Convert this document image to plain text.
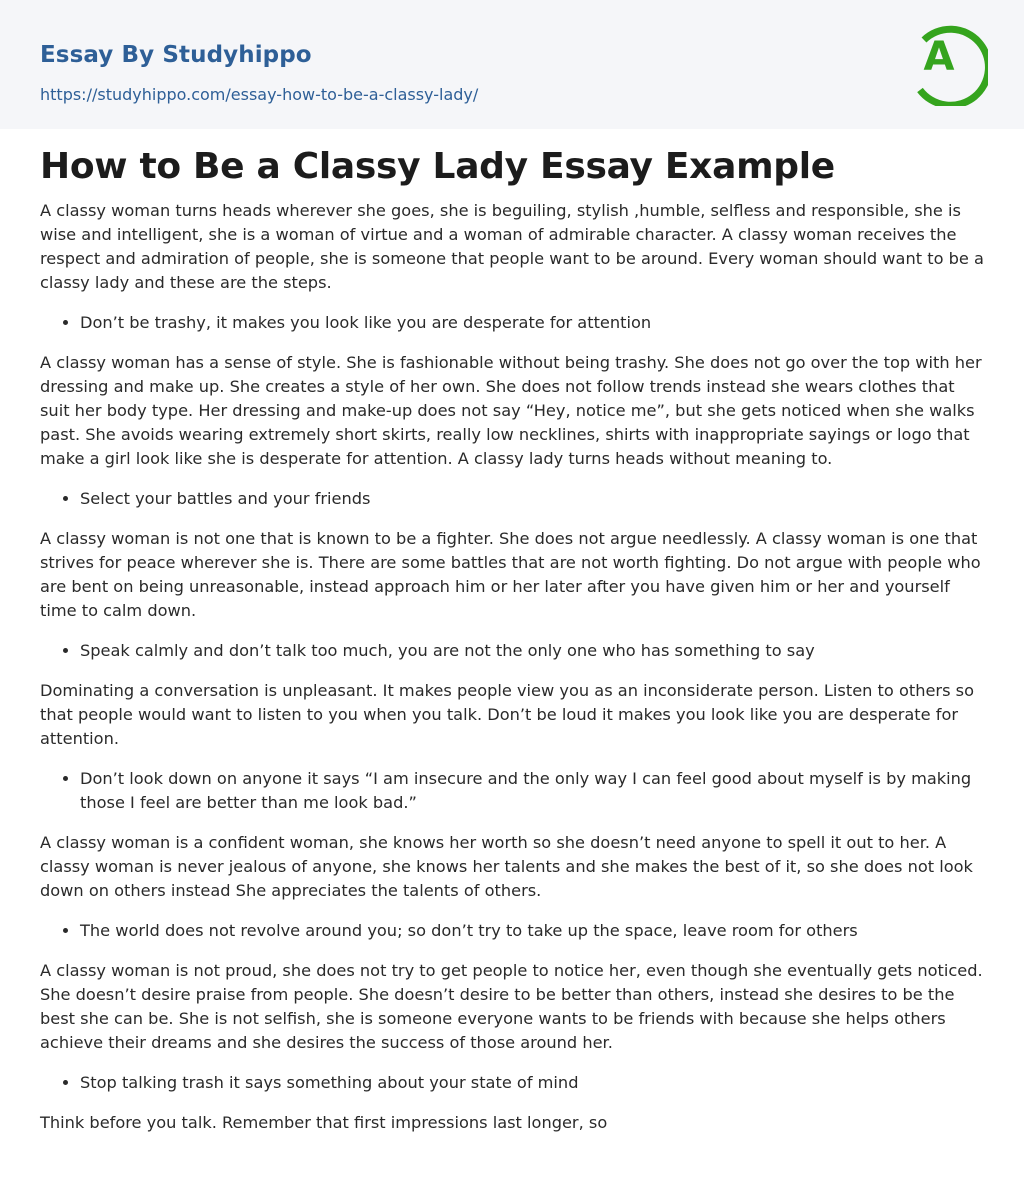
Essay By Studyhippo
https://studyhippo.com/essay-how-to-be-a-classy-lady/
A
How to Be a Classy Lady Essay Example

A classy woman turns heads wherever she goes, she is beguiling, stylish ,humble, selfless and responsible, she is wise and intelligent, she is a woman of virtue and a woman of admirable character. A classy woman receives the respect and admiration of people, she is someone that people want to be around. Every woman should want to be a classy lady and these are the steps.

• Don’t be trashy, it makes you look like you are desperate for attention

A classy woman has a sense of style. She is fashionable without being trashy. She does not go over the top with her dressing and make up. She creates a style of her own. She does not follow trends instead she wears clothes that suit her body type. Her dressing and make-up does not say “Hey, notice me”, but she gets noticed when she walks past. She avoids wearing extremely short skirts, really low necklines, shirts with inappropriate sayings or logo that make a girl look like she is desperate for attention. A classy lady turns heads without meaning to.

• Select your battles and your friends

A classy woman is not one that is known to be a fighter. She does not argue needlessly. A classy woman is one that strives for peace wherever she is. There are some battles that are not worth fighting. Do not argue with people who are bent on being unreasonable, instead approach him or her later after you have given him or her and yourself time to calm down.

• Speak calmly and don’t talk too much, you are not the only one who has something to say

Dominating a conversation is unpleasant. It makes people view you as an inconsiderate person. Listen to others so that people would want to listen to you when you talk. Don’t be loud it makes you look like you are desperate for attention.

• Don’t look down on anyone it says “I am insecure and the only way I can feel good about myself is by making those I feel are better than me look bad.”

A classy woman is a confident woman, she knows her worth so she doesn’t need anyone to spell it out to her. A classy woman is never jealous of anyone, she knows her talents and she makes the best of it, so she does not look down on others instead She appreciates the talents of others.

• The world does not revolve around you; so don’t try to take up the space, leave room for others

A classy woman is not proud, she does not try to get people to notice her, even though she eventually gets noticed. She doesn’t desire praise from people. She doesn’t desire to be better than others, instead she desires to be the best she can be. She is not selfish, she is someone everyone wants to be friends with because she helps others achieve their dreams and she desires the success of those around her.

• Stop talking trash it says something about your state of mind

Think before you talk. Remember that first impressions last longer, so
